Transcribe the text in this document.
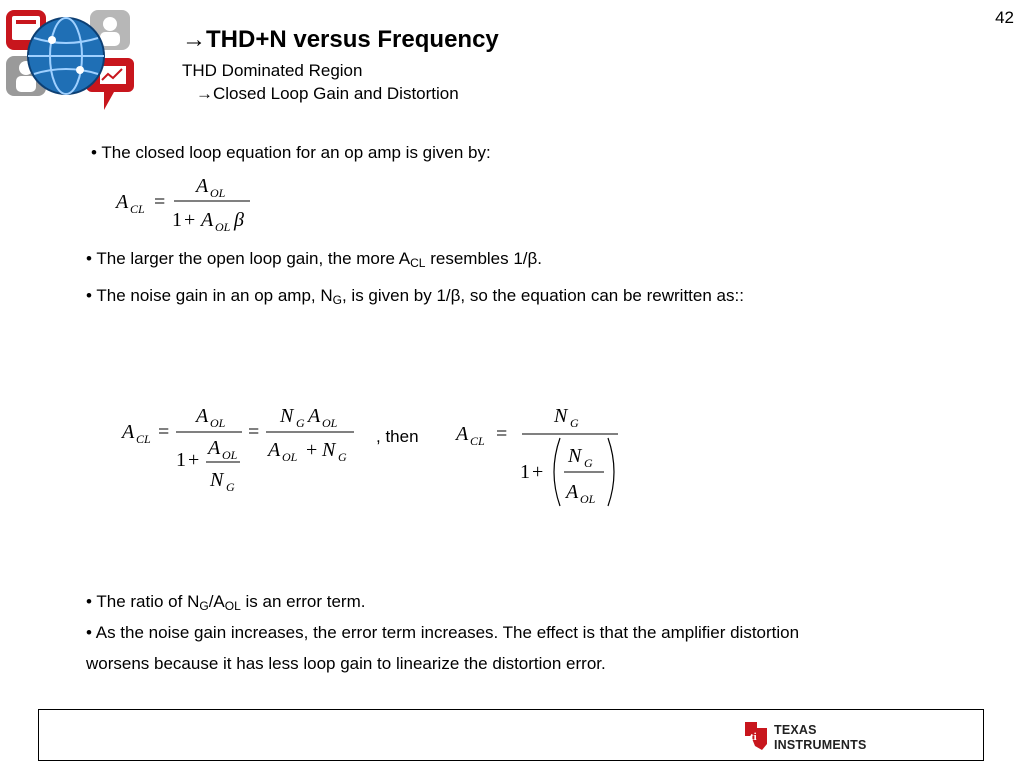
42
→THD+N versus Frequency
THD Dominated Region
→Closed Loop Gain and Distortion
• The closed loop equation for an op amp is given by:
A CL =
A OL
1 + A OL β
• The larger the open loop gain, the more $A_{CL}$ resembles 1/β.
• The noise gain in an op amp, $N_G$, is given by 1/β, so the equation can be rewritten as::
A CL =
A OL
1 +
A OL
N G
=
N G A OL
A OL + N G
, then A CL =
N G
1 +
N G
A OL
• The ratio of $N_G/A_{OL}$ is an error term.
• As the noise gain increases, the error term increases. The effect is that the amplifier distortion
worsens because it has less loop gain to linearize the distortion error.
ti TEXAS
INSTRUMENTS
